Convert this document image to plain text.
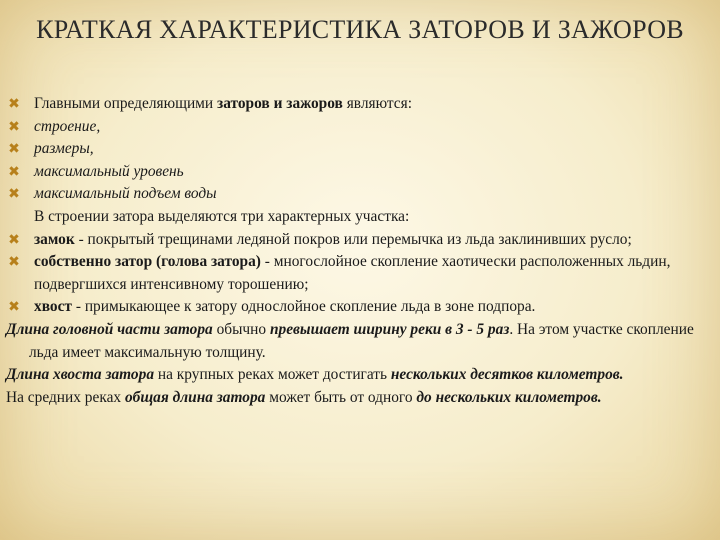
КРАТКАЯ ХАРАКТЕРИСТИКА ЗАТОРОВ И ЗАЖОРОВ
✖ Главными определяющими заторов и зажоров являются:
✖ строение,
✖ размеры,
✖ максимальный уровень
✖ максимальный подъем воды
В строении затора выделяются три характерных участка:
✖ замок - покрытый трещинами ледяной покров или перемычка из льда заклинивших русло;
✖ собственно затор (голова затора) - многослойное скопление хаотически расположенных льдин, подвергшихся интенсивному торошению;
✖ хвост - примыкающее к затору однослойное скопление льда в зоне подпора.
Длина головной части затора обычно превышает ширину реки в 3 - 5 раз. На этом участке скопление льда имеет максимальную толщину.
Длина хвоста затора на крупных реках может достигать нескольких десятков километров.
На средних реках общая длина затора может быть от одного до нескольких километров.
